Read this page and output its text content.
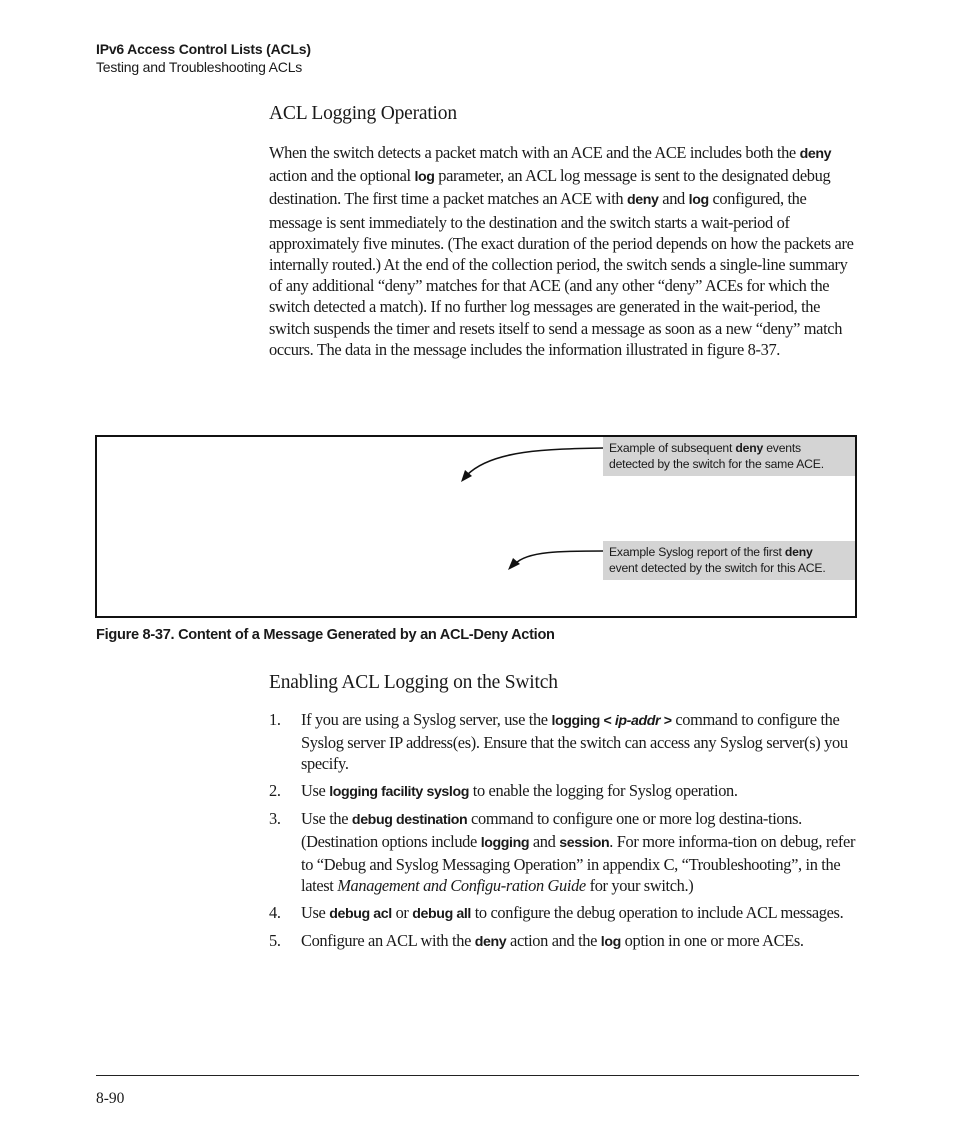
IPv6 Access Control Lists (ACLs)
Testing and Troubleshooting ACLs
ACL Logging Operation

When the switch detects a packet match with an ACE and the ACE includes both the deny action and the optional log parameter, an ACL log message is sent to the designated debug destination. The first time a packet matches an ACE with deny and log configured, the message is sent immediately to the destination and the switch starts a wait-period of approximately five minutes. (The exact duration of the period depends on how the packets are internally routed.) At the end of the collection period, the switch sends a single-line summary of any additional “deny” matches for that ACE (and any other “deny” ACEs for which the switch detected a match). If no further log messages are generated in the wait-period, the switch suspends the timer and resets itself to send a message as soon as a new “deny” match occurs. The data in the message includes the information illustrated in figure 8-37.

Example of subsequent deny events
detected by the switch for the same ACE.
Example Syslog report of the first deny
event detected by the switch for this ACE.
Figure 8-37. Content of a Message Generated by an ACL-Deny Action
Enabling ACL Logging on the Switch
1. If you are using a Syslog server, use the logging < ip-addr > command to configure the Syslog server IP address(es). Ensure that the switch can access any Syslog server(s) you specify.
2. Use logging facility syslog to enable the logging for Syslog operation.
3. Use the debug destination command to configure one or more log destina-tions. (Destination options include logging and session. For more informa-tion on debug, refer to “Debug and Syslog Messaging Operation” in appendix C, “Troubleshooting”, in the latest Management and Configu-ration Guide for your switch.)
4. Use debug acl or debug all to configure the debug operation to include ACL messages.
5. Configure an ACL with the deny action and the log option in one or more ACEs.
8-90
